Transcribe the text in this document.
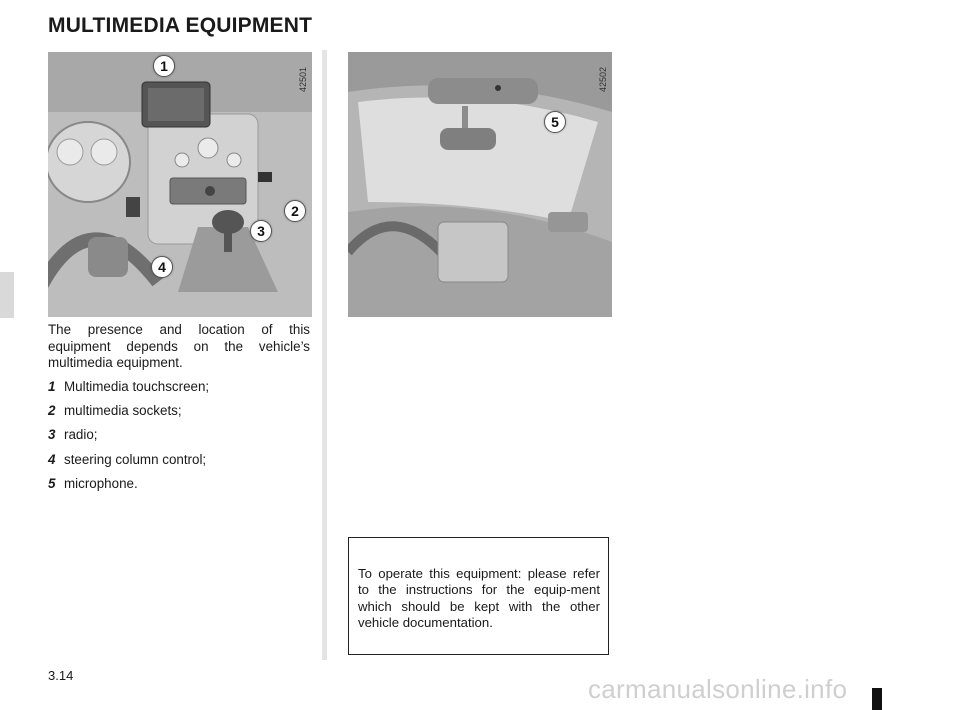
MULTIMEDIA EQUIPMENT
42501
1
2
3
4
42502
5
The presence and location of this equipment depends on the vehicle’s multimedia equipment.
1 Multimedia touchscreen;
2 multimedia sockets;
3 radio;
4 steering column control;
5 microphone.
To operate this equipment: please refer to the instructions for the equip-ment which should be kept with the other vehicle documentation.
3.14	carmanualsonline.info
